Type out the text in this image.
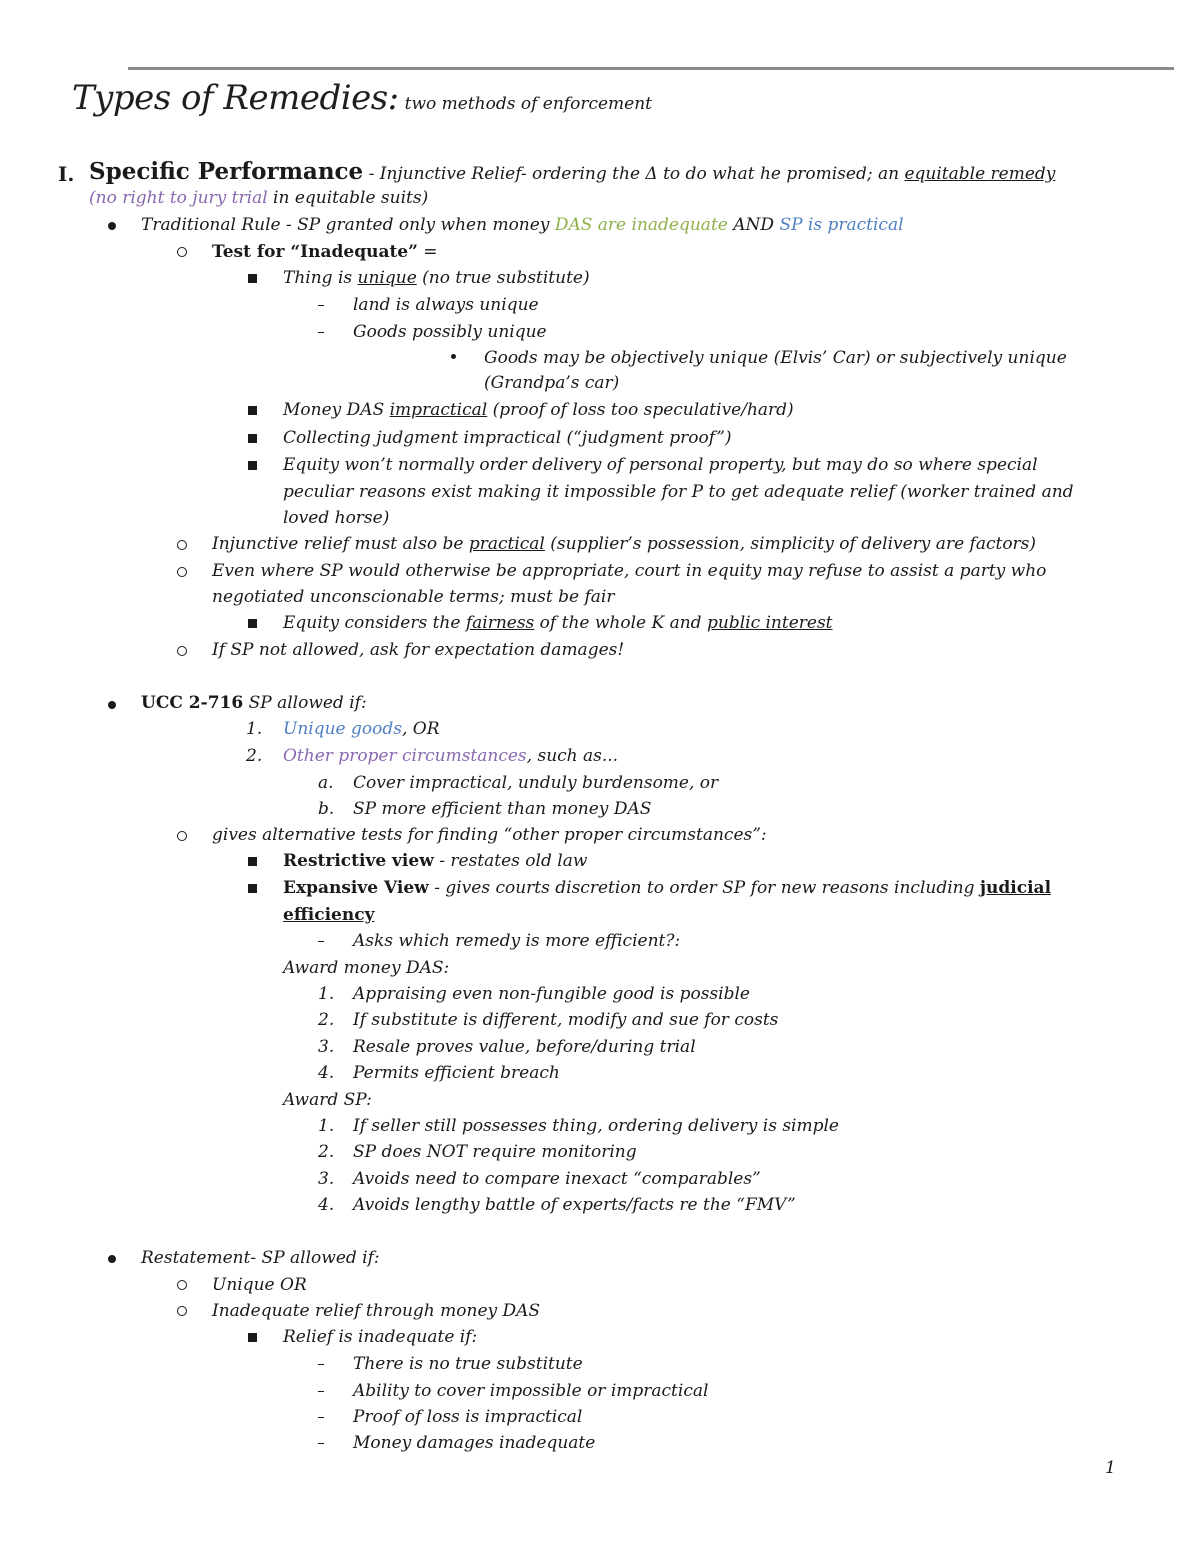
Types of Remedies: two methods of enforcement
I. Specific Performance - Injunctive Relief- ordering the Δ to do what he promised; an equitable remedy
(no right to jury trial in equitable suits)
Traditional Rule - SP granted only when money DAS are inadequate AND SP is practical
Test for “Inadequate” =
Thing is unique (no true substitute)
land is always unique
Goods possibly unique
Goods may be objectively unique (Elvis’ Car) or subjectively unique
(Grandpa’s car)
Money DAS impractical (proof of loss too speculative/hard)
Collecting judgment impractical (“judgment proof”)
Equity won’t normally order delivery of personal property, but may do so where special
peculiar reasons exist making it impossible for P to get adequate relief (worker trained and
loved horse)
Injunctive relief must also be practical (supplier’s possession, simplicity of delivery are factors)
Even where SP would otherwise be appropriate, court in equity may refuse to assist a party who
negotiated unconscionable terms; must be fair
Equity considers the fairness of the whole K and public interest
If SP not allowed, ask for expectation damages!
UCC 2-716 SP allowed if:
1. Unique goods, OR
2. Other proper circumstances, such as...
a. Cover impractical, unduly burdensome, or
b. SP more efficient than money DAS
gives alternative tests for finding “other proper circumstances”:
Restrictive view - restates old law
Expansive View - gives courts discretion to order SP for new reasons including judicial
efficiency
Asks which remedy is more efficient?:
Award money DAS:
1. Appraising even non-fungible good is possible
2. If substitute is different, modify and sue for costs
3. Resale proves value, before/during trial
4. Permits efficient breach
Award SP:
1. If seller still possesses thing, ordering delivery is simple
2. SP does NOT require monitoring
3. Avoids need to compare inexact “comparables”
4. Avoids lengthy battle of experts/facts re the “FMV”
Restatement- SP allowed if:
Unique OR
Inadequate relief through money DAS
Relief is inadequate if:
There is no true substitute
Ability to cover impossible or impractical
Proof of loss is impractical
Money damages inadequate
1
